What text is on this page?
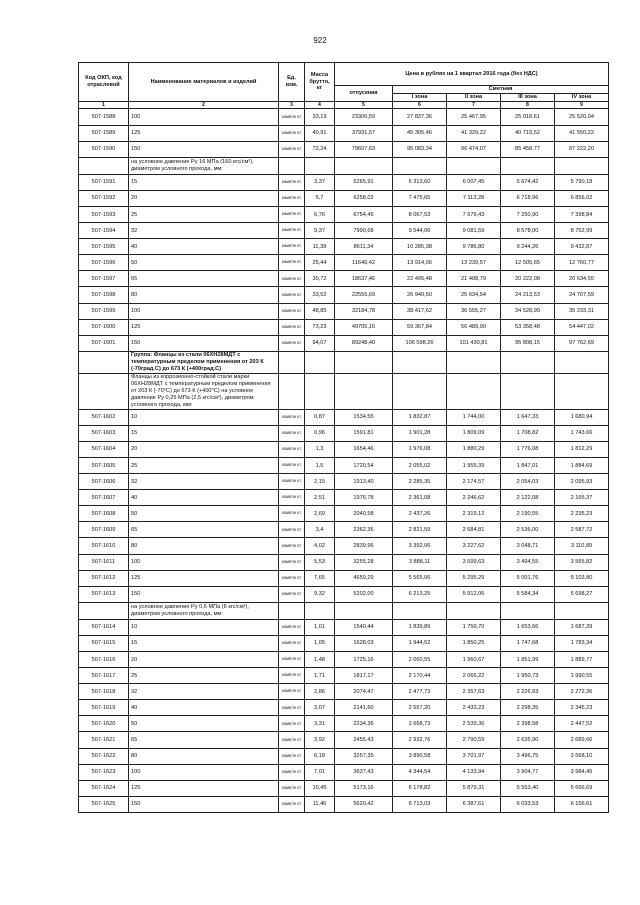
922
Код ОКП, код отраслевой	Наименование материалов и изделий	Ед. изм.	Масса брутто, кг	Цена в рублях на 1 квартал 2016 года (без НДС)				
				отпускная	Сметная			
					I зона	II зона	III зона	IV зона
1	2	3	4	5	6	7	8	9
507-1588	100	компле кт	33,19	23306,59	27 837,36	25 467,95	25 018,61	25 520,04
507-1589	125	компле кт	40,91	37931,57	45 305,46	41 329,22	40 719,52	41 550,22
507-1590	150	компле кт	72,24	79607,63	95 083,34	96 474,07	85 458,77	87 222,20
	на условное давление Ру 16 МПа (160 кгс/см²), диаметром условного прохода, мм:							
507-1591	15	компле кт	3,37	5265,91	6 313,60	6 007,45	5 674,42	5 790,18
507-1592	20	компле кт	5,7	6258,02	7 475,65	7 113,28	6 718,96	6 856,02
507-1593	25	компле кт	6,76	6754,46	8 067,53	7 676,43	7 250,90	7 398,84
507-1594	32	компле кт	9,37	7990,68	9 544,06	9 081,59	8 578,00	8 752,99
507-1595	40	компле кт	11,39	8611,34	10 285,38	9 786,80	9 244,26	9 432,87
507-1596	50	компле кт	25,44	11649,42	13 914,06	13 239,57	12 505,65	12 760,77
507-1597	65	компле кт	30,72	18637,46	22 495,48	21 408,79	20 222,08	20 634,55
507-1598	80	компле кт	33,52	22555,69	26 940,50	25 634,54	24 213,53	24 707,59
507-1599	100	компле кт	48,85	32184,78	38 417,62	36 555,27	34 528,99	35 233,31
507-1600	125	компле кт	73,23	49705,16	59 367,84	56 489,90	53 358,48	54 447,02
507-1601	150	компле кт	94,07	89248,40	106 598,26	101 430,81	95 808,15	97 762,69
	Группа: Фланцы из стали 06ХН28МДТ с температурным пределом применения от 203 К (-70град.С) до 673 К (+400град.С)							
	Фланцы из коррозионно-стойкой стали марки 06ХН28МДТ с температурным пределом применения от 203 К (-70°С) до 673 К (+400°С) на условное давление Ру 0,25 МПа (2,5 кгс/см²), диаметром условного прохода, мм:							
507-1602	10	компле кт	0,87	1534,55	1 832,87	1 744,00	1 647,33	1 680,94
507-1603	15	компле кт	0,96	1591,81	1 901,28	1 809,09	1 708,82	1 743,66
507-1604	20	компле кт	1,3	1654,46	1 976,08	1 880,29	1 776,08	1 812,29
507-1605	25	компле кт	1,5	1720,54	2 055,02	1 955,39	1 847,01	1 884,69
507-1606	32	компле кт	2,15	1913,40	2 285,35	2 174,57	2 054,03	2 095,93
507-1607	40	компле кт	2,51	1976,78	2 361,08	2 246,62	2 122,08	2 165,37
507-1608	50	компле кт	2,69	2040,58	2 437,26	2 319,12	2 190,55	2 235,23
507-1609	65	компле кт	3,4	2362,36	2 821,59	2 684,81	2 536,00	2 587,72
507-1610	80	компле кт	4,02	2839,96	3 392,06	3 227,62	3 048,71	3 110,89
507-1611	100	компле кт	5,53	3255,28	3 888,11	3 699,63	3 494,55	3 565,82
507-1612	125	компле кт	7,65	4659,29	5 565,06	5 295,29	5 001,76	5 103,80
507-1613	150	компле кт	9,32	5202,00	6 213,25	5 912,06	5 584,34	5 698,27
	на условное давление Ру 0,6 МПа (6 кгс/см²), диаметром условного прохода, мм:							
507-1614	10	компле кт	1,01	1540,44	1 839,89	1 750,70	1 653,66	1 687,39
507-1615	15	компле кт	1,05	1628,03	1 944,52	1 850,25	1 747,68	1 783,34
507-1616	20	компле кт	1,48	1725,16	2 060,55	1 960,67	1 851,99	1 889,77
507-1617	25	компле кт	1,71	1817,17	2 170,44	2 065,22	1 950,73	1 990,55
507-1618	32	компле кт	2,86	2074,47	2 477,73	2 357,63	2 226,93	2 272,36
507-1619	40	компле кт	3,07	2141,60	2 557,20	2 433,23	2 298,35	2 345,23
507-1620	50	компле кт	3,31	2234,36	2 668,73	2 539,36	2 398,58	2 447,52
507-1621	65	компле кт	3,92	2455,43	2 932,76	2 790,59	2 635,90	2 689,66
507-1622	80	компле кт	6,18	3257,35	3 890,58	3 701,97	3 496,75	3 568,10
507-1623	100	компле кт	7,01	3637,43	4 344,54	4 133,94	3 904,77	3 984,45
507-1624	125	компле кт	10,45	5173,16	6 178,82	5 879,31	5 553,40	5 666,69
507-1625	150	компле кт	11,46	5620,42	6 713,03	6 387,61	6 033,53	6 156,61
